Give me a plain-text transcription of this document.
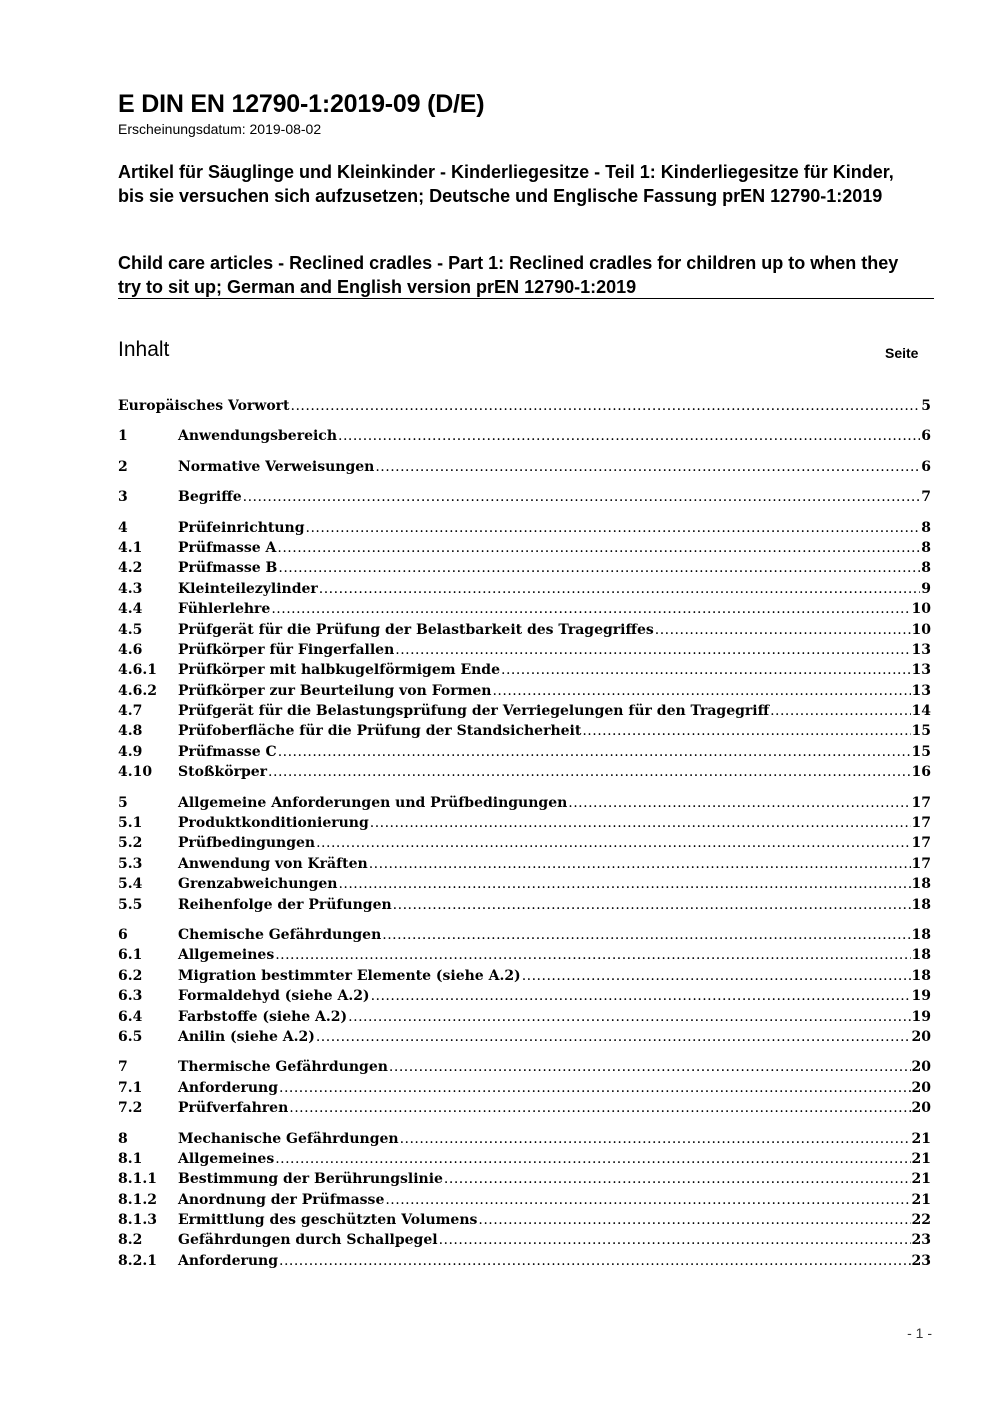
E DIN EN 12790-1:2019-09 (D/E)
Erscheinungsdatum: 2019-08-02
Artikel für Säuglinge und Kleinkinder - Kinderliegesitze - Teil 1: Kinderliegesitze für Kinder, bis sie versuchen sich aufzusetzen; Deutsche und Englische Fassung prEN 12790-1:2019
Child care articles - Reclined cradles - Part 1: Reclined cradles for children up to when they try to sit up; German and English version prEN 12790-1:2019
Inhalt	Seite
Europäisches Vorwort .....	5
1	Anwendungsbereich .....	6
2	Normative Verweisungen .....	6
3	Begriffe .....	7
4	Prüfeinrichtung .....	8
4.1	Prüfmasse A .....	8
4.2	Prüfmasse B .....	8
4.3	Kleinteilezylinder .....	9
4.4	Fühlerlehre .....	10
4.5	Prüfgerät für die Prüfung der Belastbarkeit des Tragegriffes .....	10
4.6	Prüfkörper für Fingerfallen .....	13
4.6.1 Prüfkörper mit halbkugelförmigem Ende .....	13
4.6.2 Prüfkörper zur Beurteilung von Formen .....	13
4.7	Prüfgerät für die Belastungsprüfung der Verriegelungen für den Tragegriff .....	14
4.8	Prüfoberfläche für die Prüfung der Standsicherheit .....	15
4.9	Prüfmasse C .....	15
4.10 Stoßkörper .....	16
5	Allgemeine Anforderungen und Prüfbedingungen .....	17
5.1	Produktkonditionierung .....	17
5.2	Prüfbedingungen .....	17
5.3	Anwendung von Kräften .....	17
5.4	Grenzabweichungen .....	18
5.5	Reihenfolge der Prüfungen .....	18
6	Chemische Gefährdungen .....	18
6.1	Allgemeines .....	18
6.2	Migration bestimmter Elemente (siehe A.2) .....	18
6.3	Formaldehyd (siehe A.2) .....	19
6.4	Farbstoffe (siehe A.2) .....	19
6.5	Anilin (siehe A.2) .....	20
7	Thermische Gefährdungen .....	20
7.1	Anforderung .....	20
7.2	Prüfverfahren .....	20
8	Mechanische Gefährdungen .....	21
8.1	Allgemeines .....	21
8.1.1 Bestimmung der Berührungslinie .....	21
8.1.2 Anordnung der Prüfmasse .....	21
8.1.3 Ermittlung des geschützten Volumens .....	22
8.2	Gefährdungen durch Schallpegel .....	23
8.2.1 Anforderung .....	23
- 1 -
